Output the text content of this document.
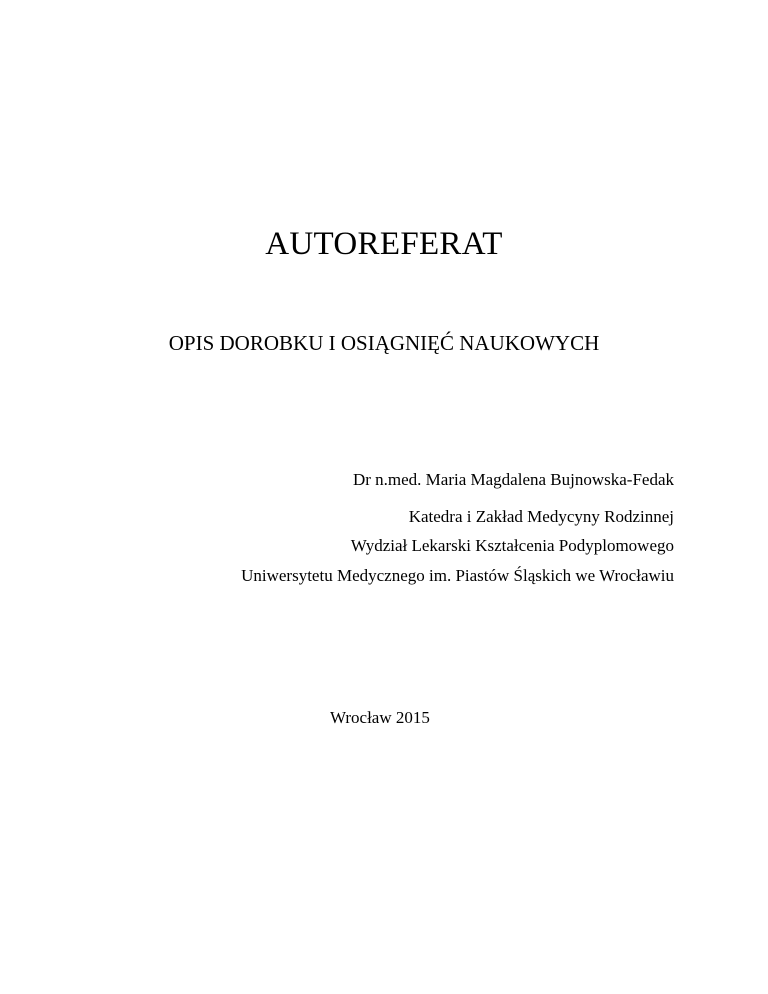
AUTOREFERAT
OPIS DOROBKU I OSIĄGNIĘĆ NAUKOWYCH
Dr n.med. Maria Magdalena Bujnowska-Fedak
Katedra i Zakład Medycyny Rodzinnej
Wydział Lekarski Kształcenia Podyplomowego
Uniwersytetu Medycznego im. Piastów Śląskich we Wrocławiu
Wrocław 2015
